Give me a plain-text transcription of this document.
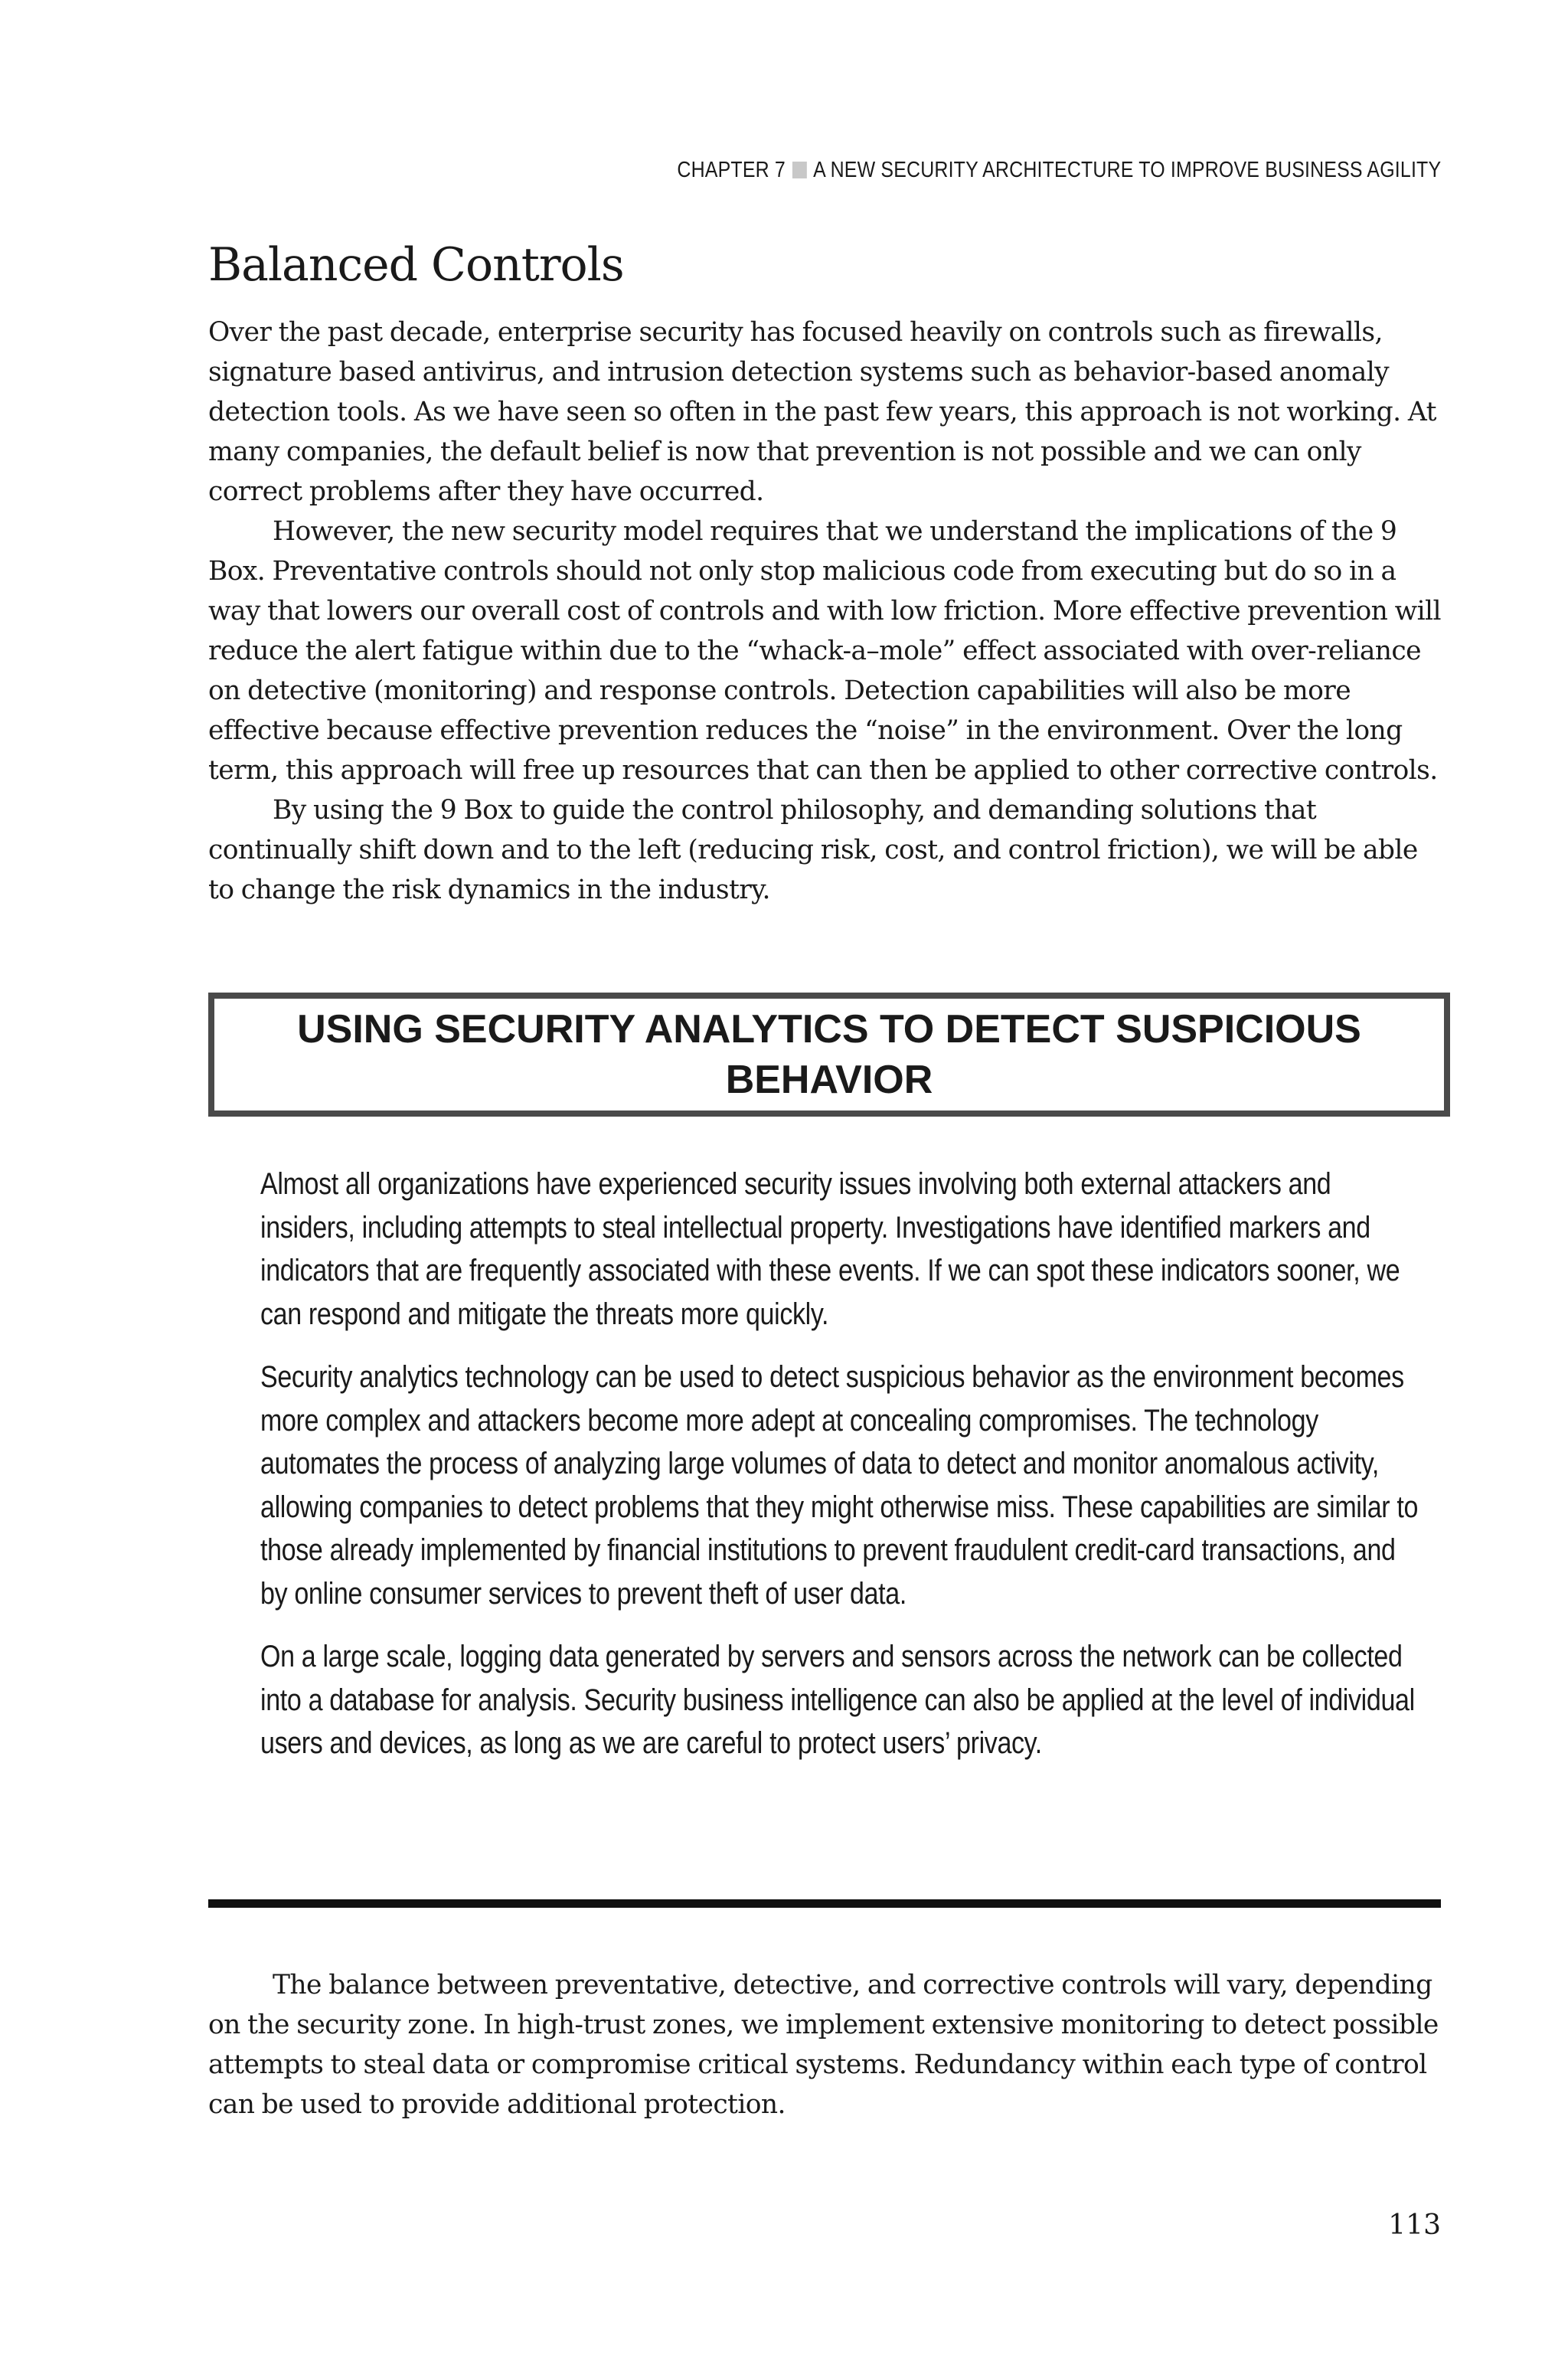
CHAPTER 7 A NEW SECURITY ARCHITECTURE TO IMPROVE BUSINESS AGILITY
Balanced Controls

Over the past decade, enterprise security has focused heavily on controls such as firewalls, signature based antivirus, and intrusion detection systems such as behavior-based anomaly detection tools. As we have seen so often in the past few years, this approach is not working. At many companies, the default belief is now that prevention is not possible and we can only correct problems after they have occurred.

However, the new security model requires that we understand the implications of the 9 Box. Preventative controls should not only stop malicious code from executing but do so in a way that lowers our overall cost of controls and with low friction. More effective prevention will reduce the alert fatigue within due to the “whack-a–mole” effect associated with over-reliance on detective (monitoring) and response controls. Detection capabilities will also be more effective because effective prevention reduces the “noise” in the environment. Over the long term, this approach will free up resources that can then be applied to other corrective controls.

By using the 9 Box to guide the control philosophy, and demanding solutions that continually shift down and to the left (reducing risk, cost, and control friction), we will be able to change the risk dynamics in the industry.

USING SECURITY ANALYTICS TO DETECT SUSPICIOUS BEHAVIOR

Almost all organizations have experienced security issues involving both external attackers and insiders, including attempts to steal intellectual property. Investigations have identified markers and indicators that are frequently associated with these events. If we can spot these indicators sooner, we can respond and mitigate the threats more quickly.

Security analytics technology can be used to detect suspicious behavior as the environment becomes more complex and attackers become more adept at concealing compromises. The technology automates the process of analyzing large volumes of data to detect and monitor anomalous activity, allowing companies to detect problems that they might otherwise miss. These capabilities are similar to those already implemented by financial institutions to prevent fraudulent credit-card transactions, and by online consumer services to prevent theft of user data.

On a large scale, logging data generated by servers and sensors across the network can be collected into a database for analysis. Security business intelligence can also be applied at the level of individual users and devices, as long as we are careful to protect users’ privacy.

The balance between preventative, detective, and corrective controls will vary, depending on the security zone. In high-trust zones, we implement extensive monitoring to detect possible attempts to steal data or compromise critical systems. Redundancy within each type of control can be used to provide additional protection.

113
